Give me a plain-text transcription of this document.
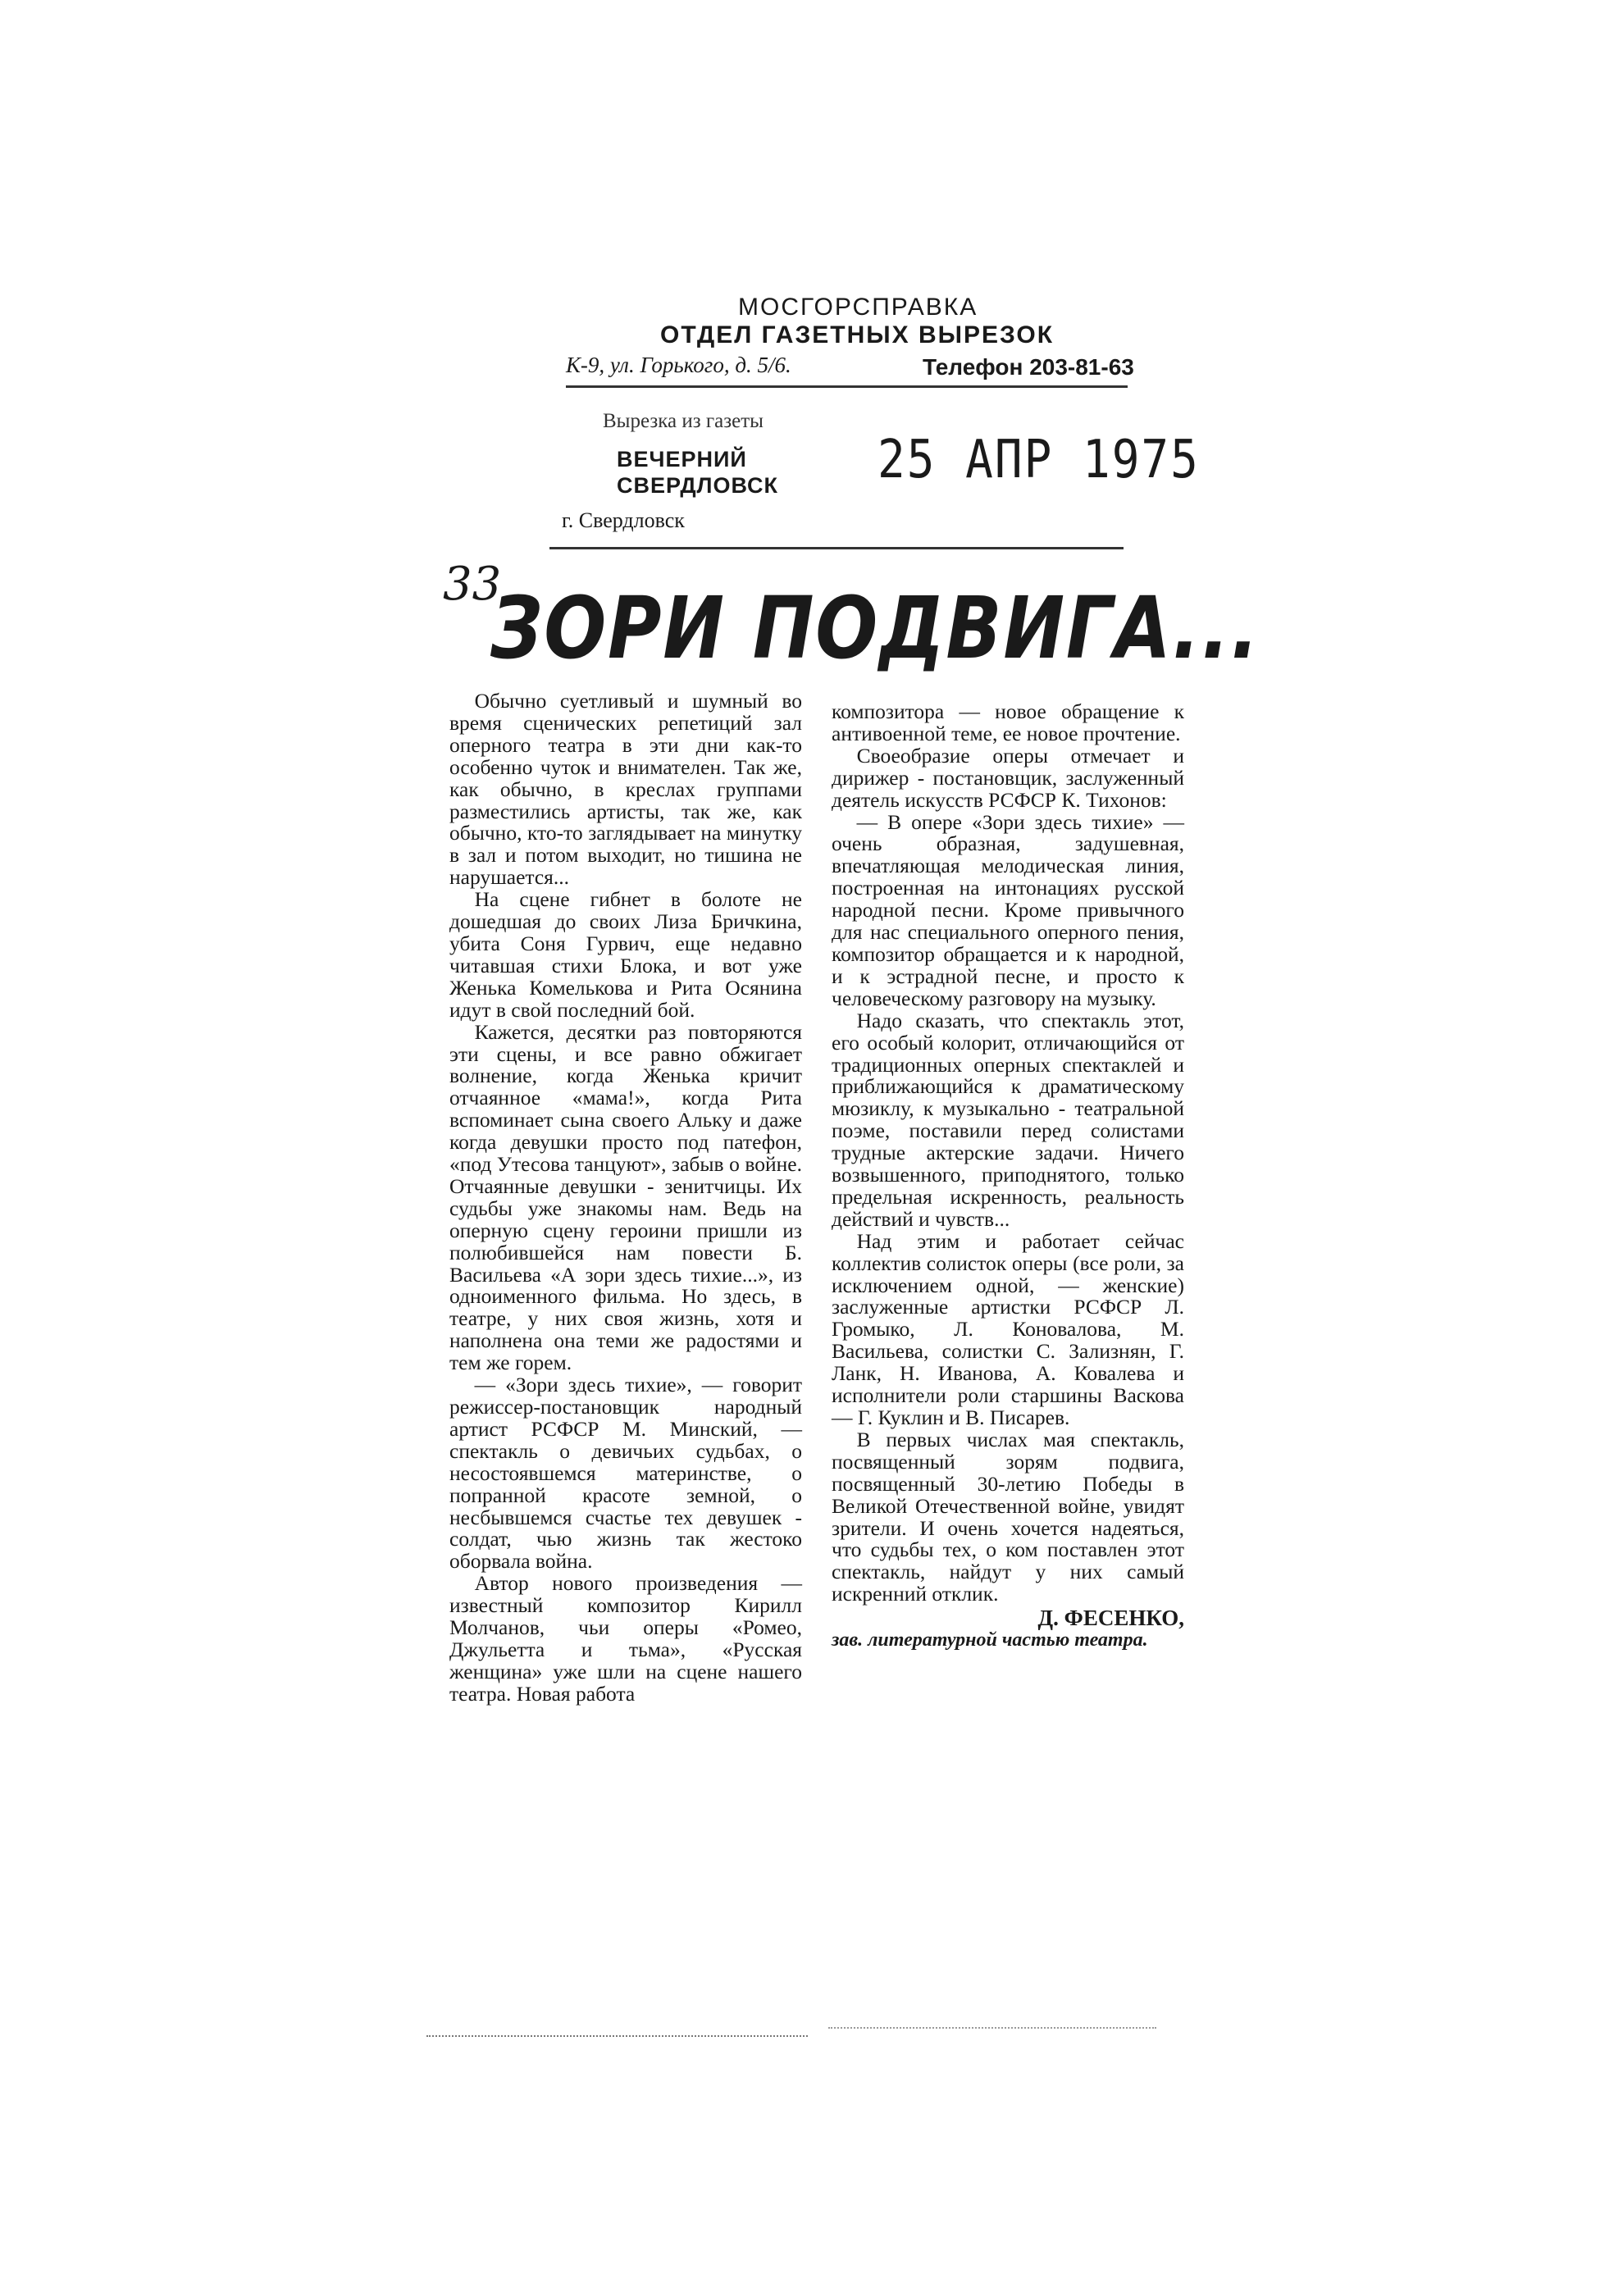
МОСГОРСПРАВКА
ОТДЕЛ ГАЗЕТНЫХ ВЫРЕЗОК
К-9, ул. Горького, д. 5/6.	Телефон 203-81-63
Вырезка из газеты
ВЕЧЕРНИЙ
СВЕРДЛОВСК 25 АПР 1975
г. Свердловск
33
ЗОРИ ПОДВИГА...

Обычно суетливый и шумный во время сценических репетиций зал оперного театра в эти дни как-то особенно чуток и внимателен. Так же, как обычно, в креслах группами разместились артисты, так же, как обычно, кто-то заглядывает на минутку в зал и потом выходит, но тишина не нарушается...

На сцене гибнет в болоте не дошедшая до своих Лиза Бричкина, убита Соня Гурвич, еще недавно читавшая стихи Блока, и вот уже Женька Комелькова и Рита Осянина идут в свой последний бой.

Кажется, десятки раз повторяются эти сцены, и все равно обжигает волнение, когда Женька кричит отчаянное «мама!», когда Рита вспоминает сына своего Альку и даже когда девушки просто под патефон, «под Утесова танцуют», забыв о войне. Отчаянные девушки - зенитчицы. Их судьбы уже знакомы нам. Ведь на оперную сцену героини пришли из полюбившейся нам повести Б. Васильева «А зори здесь тихие...», из одноименного фильма. Но здесь, в театре, у них своя жизнь, хотя и наполнена она теми же радостями и тем же горем.

— «Зори здесь тихие», — говорит режиссер-постановщик народный артист РСФСР М. Минский, — спектакль о девичьих судьбах, о несостоявшемся материнстве, о попранной красоте земной, о несбывшемся счастье тех девушек - солдат, чью жизнь так жестоко оборвала война.

Автор нового произведения — известный композитор Кирилл Молчанов, чьи оперы «Ромео, Джульетта и тьма», «Русская женщина» уже шли на сцене нашего театра. Новая работа

композитора — новое обращение к антивоенной теме, ее новое прочтение.

Своеобразие оперы отмечает и дирижер - постановщик, заслуженный деятель искусств РСФСР К. Тихонов:

— В опере «Зори здесь тихие» — очень образная, задушевная, впечатляющая мелодическая линия, построенная на интонациях русской народной песни. Кроме привычного для нас специального оперного пения, композитор обращается и к народной, и к эстрадной песне, и просто к человеческому разговору на музыку.

Надо сказать, что спектакль этот, его особый колорит, отличающийся от традиционных оперных спектаклей и приближающийся к драматическому мюзиклу, к музыкально - театральной поэме, поставили перед солистами трудные актерские задачи. Ничего возвышенного, приподнятого, только предельная искренность, реальность действий и чувств...

Над этим и работает сейчас коллектив солисток оперы (все роли, за исключением одной, — женские) заслуженные артистки РСФСР Л. Громыко, Л. Коновалова, М. Васильева, солистки С. Зализнян, Г. Ланк, Н. Иванова, А. Ковалева и исполнители роли старшины Васкова — Г. Куклин и В. Писарев.

В первых числах мая спектакль, посвященный зорям подвига, посвященный 30-летию Победы в Великой Отечественной войне, увидят зрители. И очень хочется надеяться, что судьбы тех, о ком поставлен этот спектакль, найдут у них самый искренний отклик.

Д. ФЕСЕНКО,
зав. литературной частью театра.
